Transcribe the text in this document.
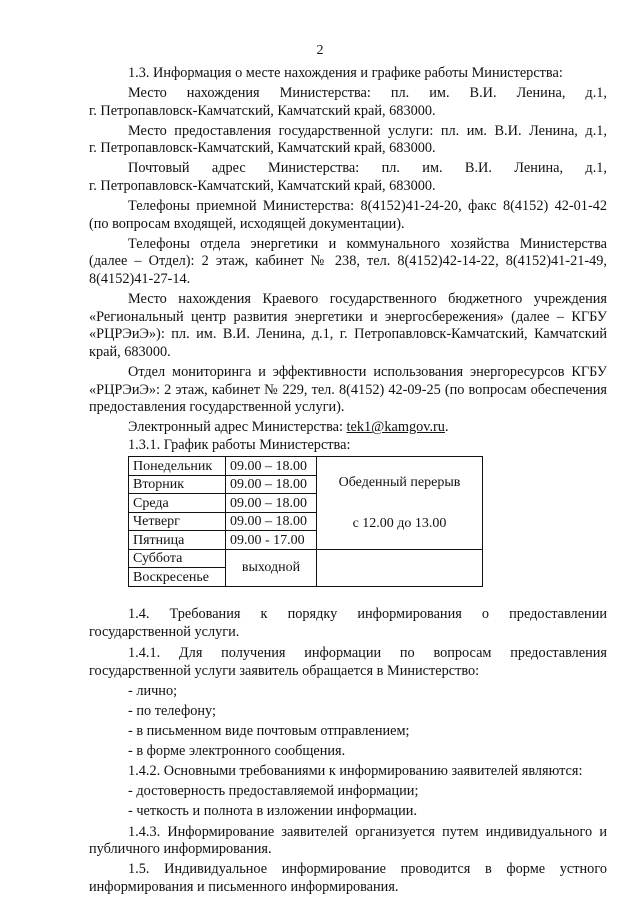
2

1.3. Информация о месте нахождения и графике работы Министерства:

Место нахождения Министерства: пл. им. В.И. Ленина, д.1,

г. Петропавловск-Камчатский, Камчатский край, 683000.

Место предоставления государственной услуги: пл. им. В.И. Ленина, д.1,

г. Петропавловск-Камчатский, Камчатский край, 683000.

Почтовый адрес Министерства: пл. им. В.И. Ленина, д.1,

г. Петропавловск-Камчатский, Камчатский край, 683000.

Телефоны приемной Министерства: 8(4152)41-24-20, факс 8(4152) 42-01-42 (по вопросам входящей, исходящей документации).

Телефоны отдела энергетики и коммунального хозяйства Министерства (далее – Отдел): 2 этаж, кабинет № 238, тел. 8(4152)42-14-22, 8(4152)41-21-49, 8(4152)41-27-14.

Место нахождения Краевого государственного бюджетного учреждения «Региональный центр развития энергетики и энергосбережения» (далее – КГБУ «РЦРЭиЭ»): пл. им. В.И. Ленина, д.1, г. Петропавловск-Камчатский, Камчатский край, 683000.

Отдел мониторинга и эффективности использования энергоресурсов КГБУ «РЦРЭиЭ»: 2 этаж, кабинет № 229, тел. 8(4152) 42-09-25 (по вопросам обеспечения предоставления государственной услуги).

Электронный адрес Министерства: tek1@kamgov.ru.

1.3.1. График работы Министерства:

Понедельник	09.00 – 18.00	Обеденный перерыв
с 12.00 до 13.00

Вторник	09.00 – 18.00	
Среда	09.00 – 18.00	
Четверг	09.00 – 18.00	
Пятница	09.00 - 17.00	
Суббота	выходной	
Воскресенье		

1.4. Требования к порядку информирования о предоставлении государственной услуги.

1.4.1. Для получения информации по вопросам предоставления государственной услуги заявитель обращается в Министерство:

- лично;

- по телефону;

- в письменном виде почтовым отправлением;

- в форме электронного сообщения.

1.4.2. Основными требованиями к информированию заявителей являются:

- достоверность предоставляемой информации;

- четкость и полнота в изложении информации.

1.4.3. Информирование заявителей организуется путем индивидуального и публичного информирования.

1.5. Индивидуальное информирование проводится в форме устного информирования и письменного информирования.
